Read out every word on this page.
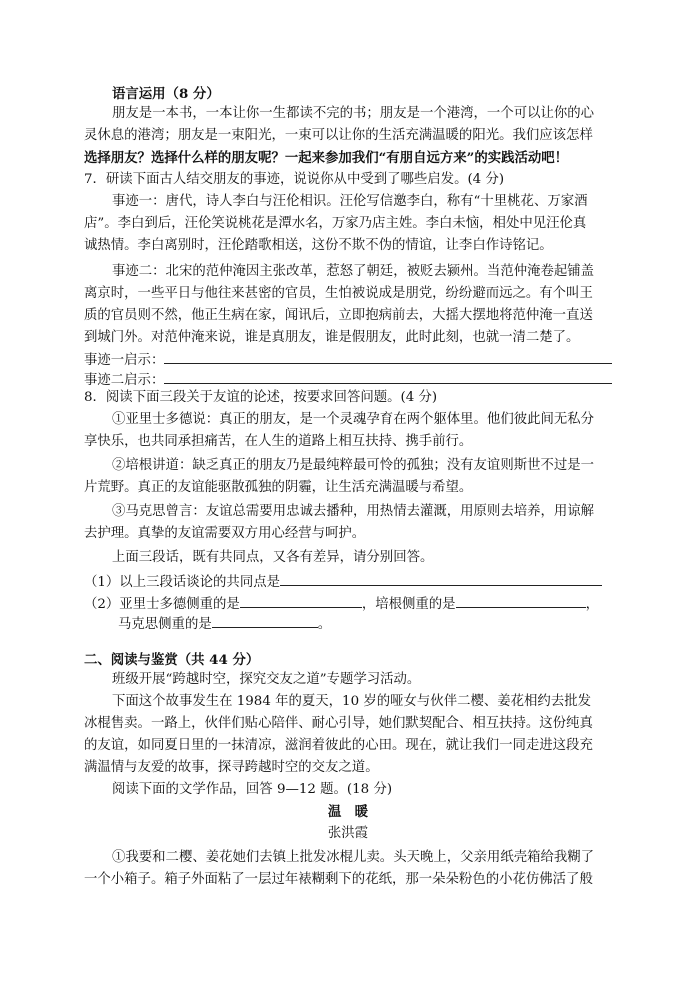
语言运用（8 分）
朋友是一本书，一本让你一生都读不完的书；朋友是一个港湾，一个可以让你的心
灵休息的港湾；朋友是一束阳光，一束可以让你的生活充满温暖的阳光。我们应该怎样
选择朋友？选择什么样的朋友呢？一起来参加我们“有朋自远方来”的实践活动吧！
7．研读下面古人结交朋友的事迹，说说你从中受到了哪些启发。(4 分)
事迹一：唐代，诗人李白与汪伦相识。汪伦写信邀李白，称有“十里桃花、万家酒
店”。李白到后，汪伦笑说桃花是潭水名，万家乃店主姓。李白未恼，相处中见汪伦真
诚热情。李白离别时，汪伦踏歌相送，这份不欺不伪的情谊，让李白作诗铭记。
事迹二：北宋的范仲淹因主张改革，惹怒了朝廷，被贬去颍州。当范仲淹卷起铺盖
离京时，一些平日与他往来甚密的官员，生怕被说成是朋党，纷纷避而远之。有个叫王
质的官员则不然，他正生病在家，闻讯后，立即抱病前去，大摇大摆地将范仲淹一直送
到城门外。对范仲淹来说，谁是真朋友，谁是假朋友，此时此刻，也就一清二楚了。
事迹一启示：
事迹二启示：
8．阅读下面三段关于友谊的论述，按要求回答问题。(4 分)
①亚里士多德说：真正的朋友，是一个灵魂孕育在两个躯体里。他们彼此间无私分
享快乐，也共同承担痛苦，在人生的道路上相互扶持、携手前行。
②培根讲道：缺乏真正的朋友乃是最纯粹最可怜的孤独；没有友谊则斯世不过是一
片荒野。真正的友谊能驱散孤独的阴霾，让生活充满温暖与希望。
③马克思曾言：友谊总需要用忠诚去播种，用热情去灌溉，用原则去培养，用谅解
去护理。真挚的友谊需要双方用心经营与呵护。
上面三段话，既有共同点，又各有差异，请分别回答。
（1）以上三段话谈论的共同点是
（2）亚里士多德侧重的是	，培根侧重的是	，
马克思侧重的是	。
二、阅读与鉴赏（共 44 分）
班级开展“跨越时空，探究交友之道”专题学习活动。
下面这个故事发生在 1984 年的夏天，10 岁的哑女与伙伴二樱、姜花相约去批发
冰棍售卖。一路上，伙伴们贴心陪伴、耐心引导，她们默契配合、相互扶持。这份纯真
的友谊，如同夏日里的一抹清凉，滋润着彼此的心田。现在，就让我们一同走进这段充
满温情与友爱的故事，探寻跨越时空的交友之道。
阅读下面的文学作品，回答 9—12 题。(18 分)
温　暖
张洪霞
①我要和二樱、姜花她们去镇上批发冰棍儿卖。头天晚上，父亲用纸壳箱给我糊了
一个小箱子。箱子外面粘了一层过年裱糊剩下的花纸，那一朵朵粉色的小花仿佛活了般
